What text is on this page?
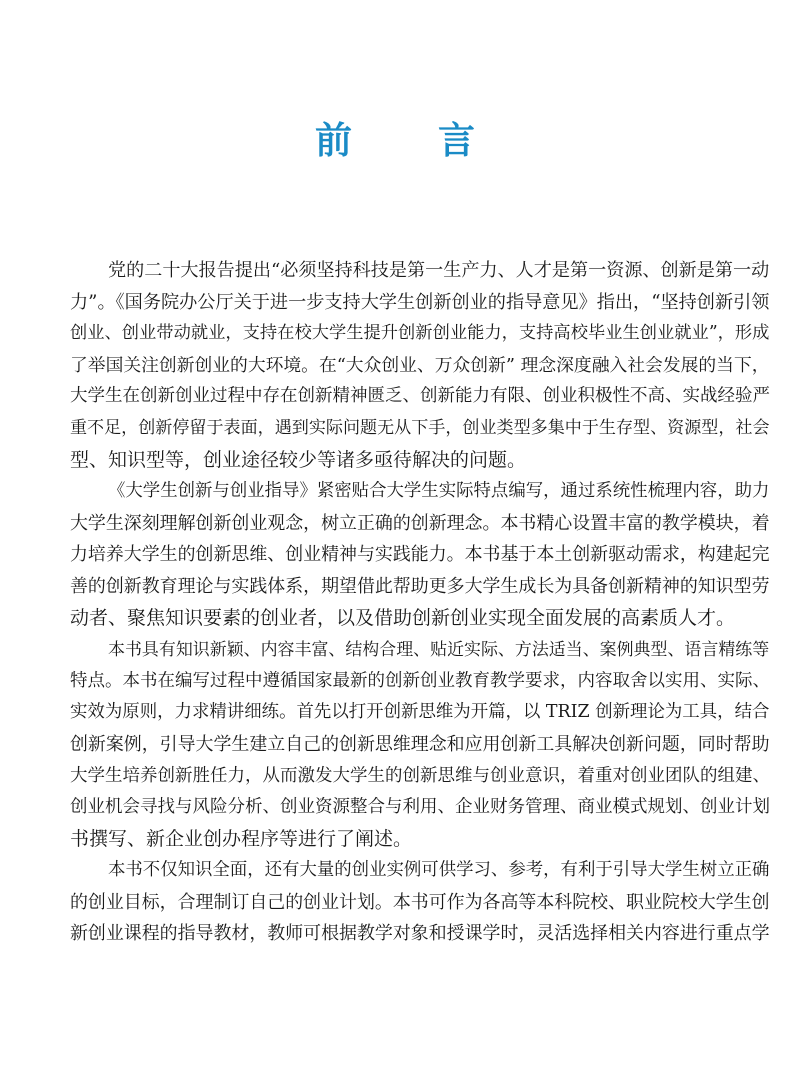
前 言
党的二十大报告提出“必须坚持科技是第一生产力、人才是第一资源、创新是第一动
力”。《国务院办公厅关于进一步支持大学生创新创业的指导意见》指出，“坚持创新引领
创业、创业带动就业，支持在校大学生提升创新创业能力，支持高校毕业生创业就业”，形成
了举国关注创新创业的大环境。在“大众创业、万众创新” 理念深度融入社会发展的当下，
大学生在创新创业过程中存在创新精神匮乏、创新能力有限、创业积极性不高、实战经验严
重不足，创新停留于表面，遇到实际问题无从下手，创业类型多集中于生存型、资源型，社会
型、知识型等，创业途径较少等诸多亟待解决的问题。
《大学生创新与创业指导》紧密贴合大学生实际特点编写，通过系统性梳理内容，助力
大学生深刻理解创新创业观念，树立正确的创新理念。本书精心设置丰富的教学模块，着
力培养大学生的创新思维、创业精神与实践能力。本书基于本土创新驱动需求，构建起完
善的创新教育理论与实践体系，期望借此帮助更多大学生成长为具备创新精神的知识型劳
动者、聚焦知识要素的创业者，以及借助创新创业实现全面发展的高素质人才。
本书具有知识新颖、内容丰富、结构合理、贴近实际、方法适当、案例典型、语言精练等
特点。本书在编写过程中遵循国家最新的创新创业教育教学要求，内容取舍以实用、实际、
实效为原则，力求精讲细练。首先以打开创新思维为开篇，以 TRIZ 创新理论为工具，结合
创新案例，引导大学生建立自己的创新思维理念和应用创新工具解决创新问题，同时帮助
大学生培养创新胜任力，从而激发大学生的创新思维与创业意识，着重对创业团队的组建、
创业机会寻找与风险分析、创业资源整合与利用、企业财务管理、商业模式规划、创业计划
书撰写、新企业创办程序等进行了阐述。
本书不仅知识全面，还有大量的创业实例可供学习、参考，有利于引导大学生树立正确
的创业目标，合理制订自己的创业计划。本书可作为各高等本科院校、职业院校大学生创
新创业课程的指导教材，教师可根据教学对象和授课学时，灵活选择相关内容进行重点学
